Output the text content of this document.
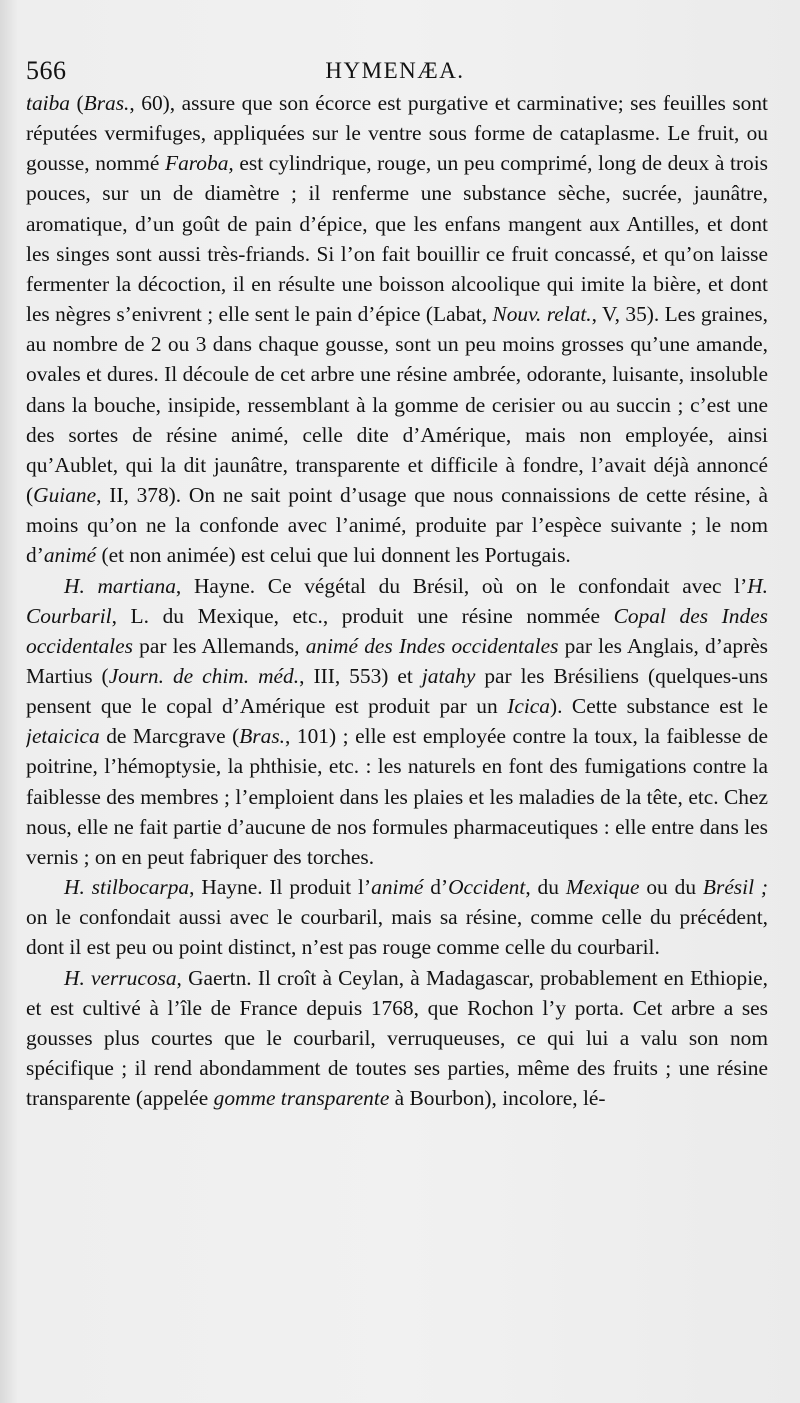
566	HYMENÆA.

taiba (Bras., 60), assure que son écorce est purgative et carminative; ses feuilles sont réputées vermifuges, appliquées sur le ventre sous forme de cataplasme. Le fruit, ou gousse, nommé Faroba, est cylindrique, rouge, un peu comprimé, long de deux à trois pouces, sur un de diamètre ; il renferme une substance sèche, sucrée, jaunâtre, aromatique, d’un goût de pain d’épice, que les enfans mangent aux Antilles, et dont les singes sont aussi très-friands. Si l’on fait bouillir ce fruit concassé, et qu’on laisse fermenter la décoction, il en résulte une boisson alcoolique qui imite la bière, et dont les nègres s’enivrent ; elle sent le pain d’épice (Labat, Nouv. relat., V, 35). Les graines, au nombre de 2 ou 3 dans chaque gousse, sont un peu moins grosses qu’une amande, ovales et dures. Il découle de cet arbre une résine ambrée, odorante, luisante, insoluble dans la bouche, insipide, ressemblant à la gomme de cerisier ou au succin ; c’est une des sortes de résine animé, celle dite d’Amérique, mais non employée, ainsi qu’Aublet, qui la dit jaunâtre, transparente et difficile à fondre, l’avait déjà annoncé (Guiane, II, 378). On ne sait point d’usage que nous connaissions de cette résine, à moins qu’on ne la confonde avec l’animé, produite par l’espèce suivante ; le nom d’animé (et non animée) est celui que lui donnent les Portugais.

H. martiana, Hayne. Ce végétal du Brésil, où on le confondait avec l’H. Courbaril, L. du Mexique, etc., produit une résine nommée Copal des Indes occidentales par les Allemands, animé des Indes occidentales par les Anglais, d’après Martius (Journ. de chim. méd., III, 553) et jatahy par les Brésiliens (quelques-uns pensent que le copal d’Amérique est produit par un Icica). Cette substance est le jetaicica de Marcgrave (Bras., 101) ; elle est employée contre la toux, la faiblesse de poitrine, l’hémoptysie, la phthisie, etc. : les naturels en font des fumigations contre la faiblesse des membres ; l’emploient dans les plaies et les maladies de la tête, etc. Chez nous, elle ne fait partie d’aucune de nos formules pharmaceutiques : elle entre dans les vernis ; on en peut fabriquer des torches.

H. stilbocarpa, Hayne. Il produit l’animé d’Occident, du Mexique ou du Brésil ; on le confondait aussi avec le courbaril, mais sa résine, comme celle du précédent, dont il est peu ou point distinct, n’est pas rouge comme celle du courbaril.

H. verrucosa, Gaertn. Il croît à Ceylan, à Madagascar, probablement en Ethiopie, et est cultivé à l’île de France depuis 1768, que Rochon l’y porta. Cet arbre a ses gousses plus courtes que le courbaril, verruqueuses, ce qui lui a valu son nom spécifique ; il rend abondamment de toutes ses parties, même des fruits ; une résine transparente (appelée gomme transparente à Bourbon), incolore, lé-
